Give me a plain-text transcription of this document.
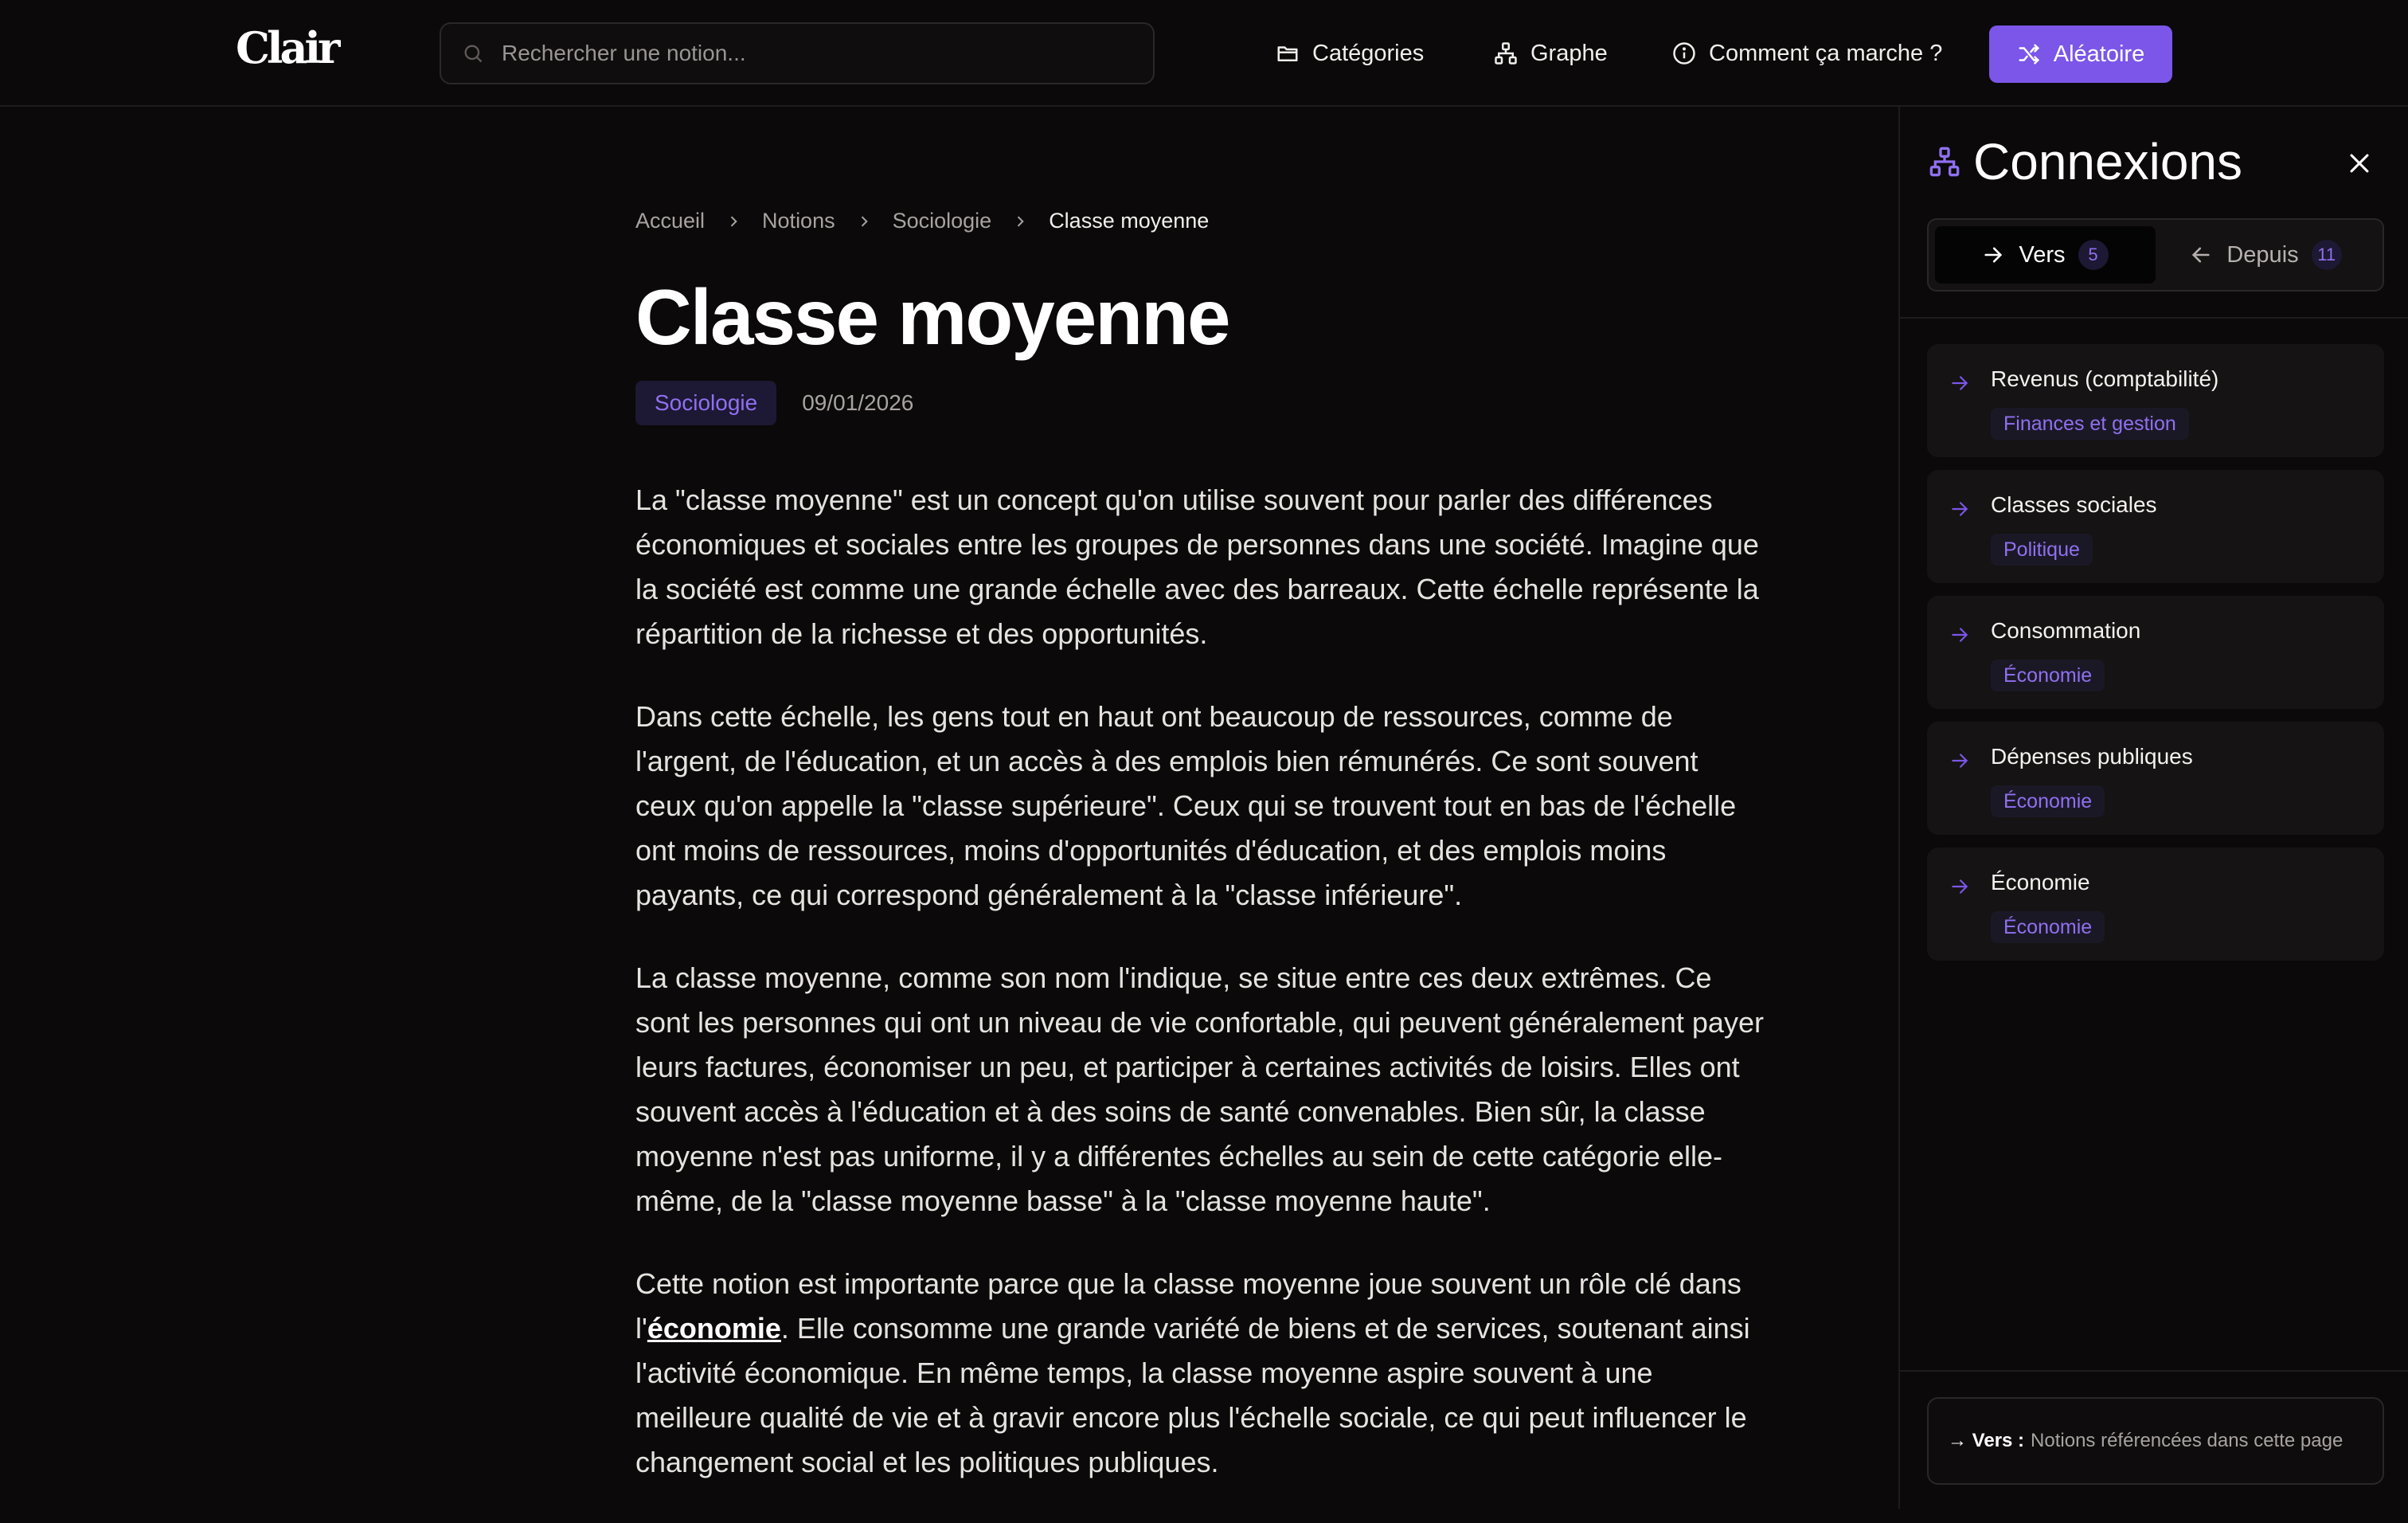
Clair
Rechercher une notion...	Catégories	Graphe	Comment ça marche ?	Aléatoire
Accueil	Notions	Sociologie	Classe moyenne
Classe moyenne
Sociologie	09/01/2026

La "classe moyenne" est un concept qu'on utilise souvent pour parler des différences économiques et sociales entre les groupes de personnes dans une société. Imagine que la société est comme une grande échelle avec des barreaux. Cette échelle représente la répartition de la richesse et des opportunités.

Dans cette échelle, les gens tout en haut ont beaucoup de ressources, comme de l'argent, de l'éducation, et un accès à des emplois bien rémunérés. Ce sont souvent ceux qu'on appelle la "classe supérieure". Ceux qui se trouvent tout en bas de l'échelle ont moins de ressources, moins d'opportunités d'éducation, et des emplois moins payants, ce qui correspond généralement à la "classe inférieure".

La classe moyenne, comme son nom l'indique, se situe entre ces deux extrêmes. Ce sont les personnes qui ont un niveau de vie confortable, qui peuvent généralement payer leurs factures, économiser un peu, et participer à certaines activités de loisirs. Elles ont souvent accès à l'éducation et à des soins de santé convenables. Bien sûr, la classe moyenne n'est pas uniforme, il y a différentes échelles au sein de cette catégorie elle-même, de la "classe moyenne basse" à la "classe moyenne haute".

Cette notion est importante parce que la classe moyenne joue souvent un rôle clé dans l'économie. Elle consomme une grande variété de biens et de services, soutenant ainsi l'activité économique. En même temps, la classe moyenne aspire souvent à une meilleure qualité de vie et à gravir encore plus l'échelle sociale, ce qui peut influencer le changement social et les politiques publiques.

Connexions
Vers	5	Depuis	11
Revenus (comptabilité)
Finances et gestion
Classes sociales
Politique
Consommation
Économie
Dépenses publiques
Économie
Économie
Économie
→ Vers : Notions référencées dans cette page
